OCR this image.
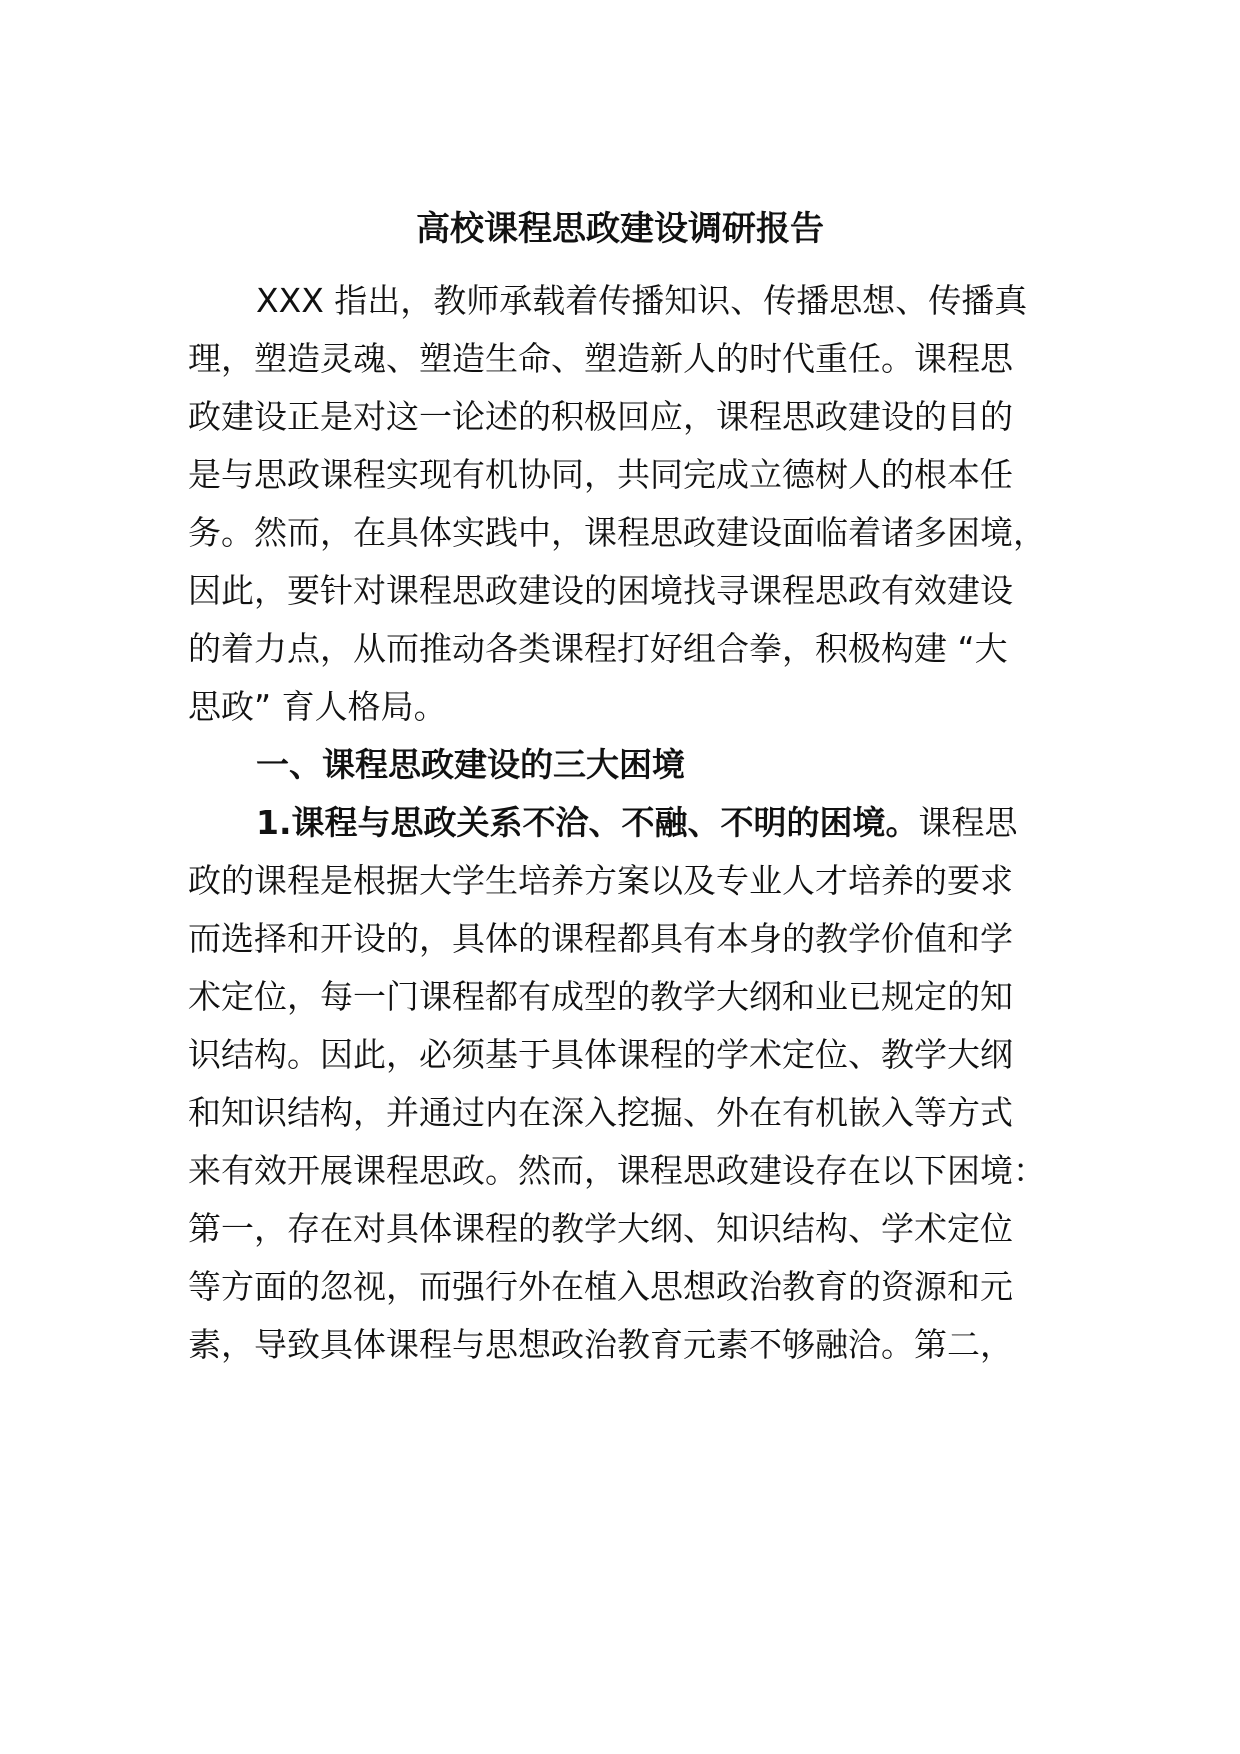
高校课程思政建设调研报告

XXX 指出，教师承载着传播知识、传播思想、传播真

理，塑造灵魂、塑造生命、塑造新人的时代重任。课程思

政建设正是对这一论述的积极回应，课程思政建设的目的

是与思政课程实现有机协同，共同完成立德树人的根本任

务。然而，在具体实践中，课程思政建设面临着诸多困境，

因此，要针对课程思政建设的困境找寻课程思政有效建设

的着力点，从而推动各类课程打好组合拳，积极构建 “大

思政” 育人格局。

一、课程思政建设的三大困境

1.课程与思政关系不洽、不融、不明的困境。课程思

政的课程是根据大学生培养方案以及专业人才培养的要求

而选择和开设的，具体的课程都具有本身的教学价值和学

术定位，每一门课程都有成型的教学大纲和业已规定的知

识结构。因此，必须基于具体课程的学术定位、教学大纲

和知识结构，并通过内在深入挖掘、外在有机嵌入等方式

来有效开展课程思政。然而，课程思政建设存在以下困境：

第一，存在对具体课程的教学大纲、知识结构、学术定位

等方面的忽视，而强行外在植入思想政治教育的资源和元

素，导致具体课程与思想政治教育元素不够融洽。第二，
